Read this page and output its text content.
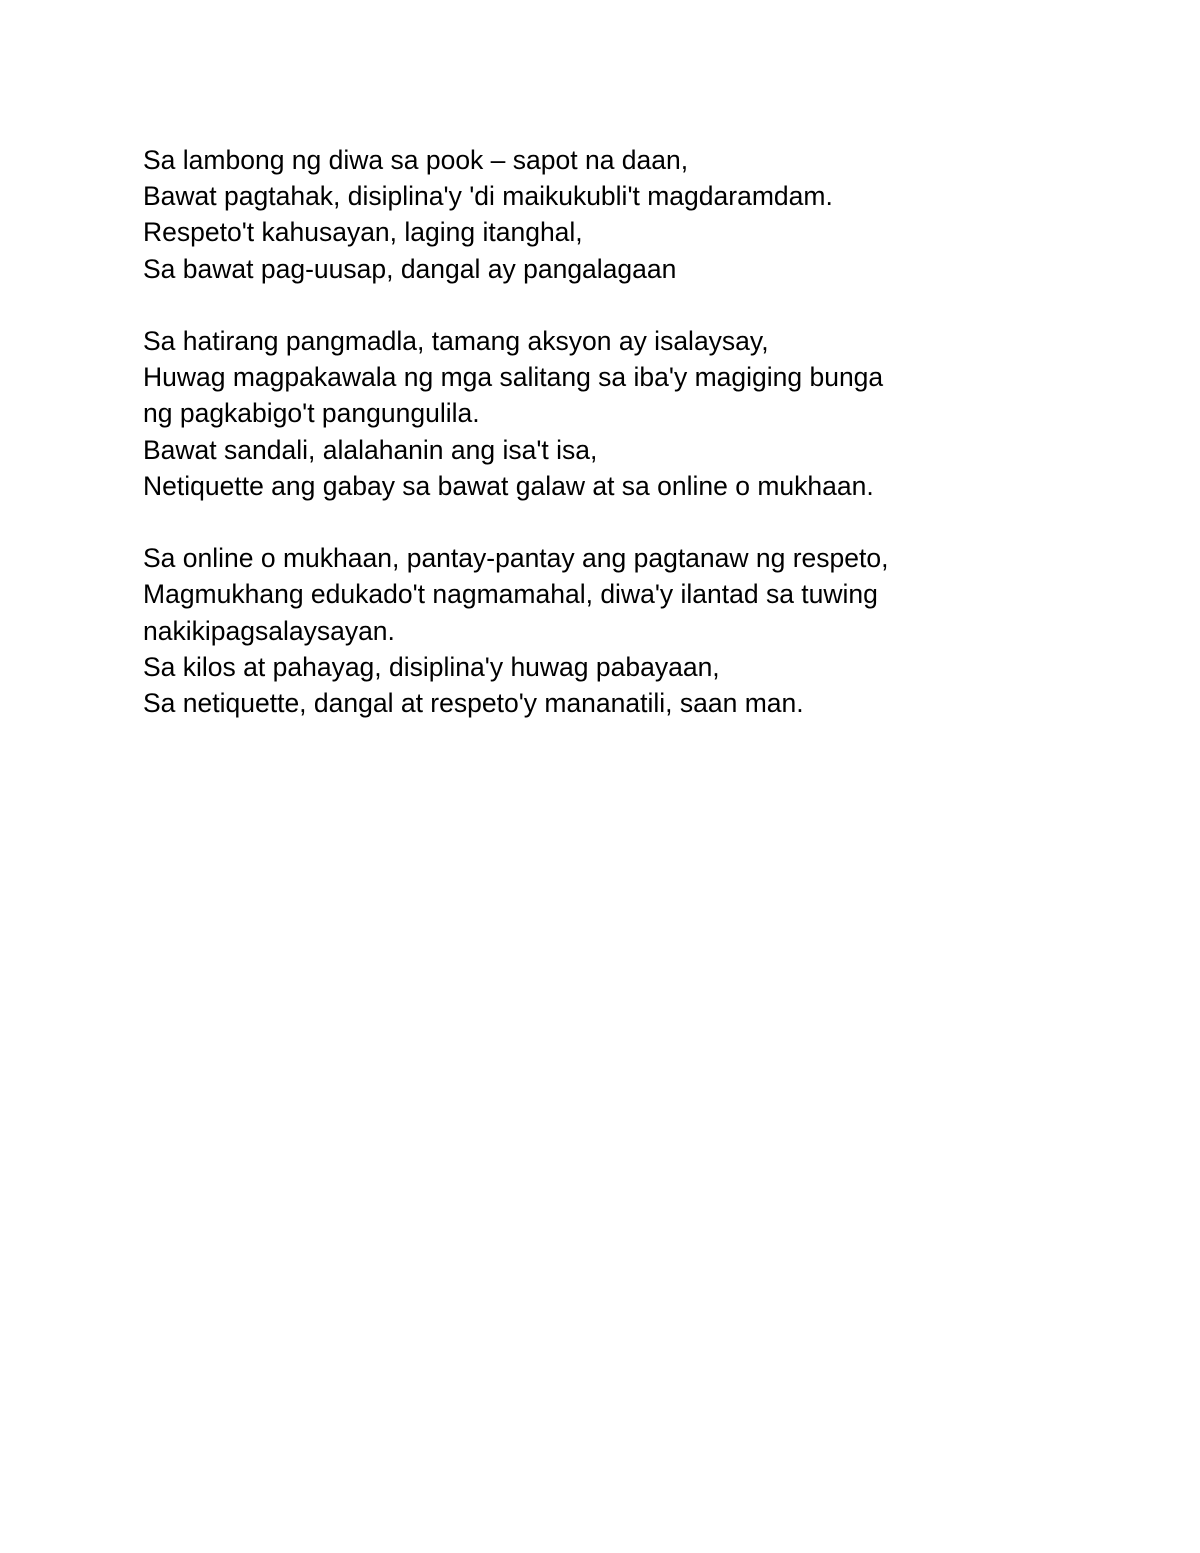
Sa lambong ng diwa sa pook – sapot na daan,
Bawat pagtahak, disiplina'y 'di maikukubli't magdaramdam.
Respeto't kahusayan, laging itanghal,
Sa bawat pag-uusap, dangal ay pangalagaan
Sa hatirang pangmadla, tamang aksyon ay isalaysay,
Huwag magpakawala ng mga salitang sa iba'y magiging bunga
ng pagkabigo't pangungulila.
Bawat sandali, alalahanin ang isa't isa,
Netiquette ang gabay sa bawat galaw at sa online o mukhaan.
Sa online o mukhaan, pantay-pantay ang pagtanaw ng respeto,
Magmukhang edukado't nagmamahal, diwa'y ilantad sa tuwing
nakikipagsalaysayan.
Sa kilos at pahayag, disiplina'y huwag pabayaan,
Sa netiquette, dangal at respeto'y mananatili, saan man.
